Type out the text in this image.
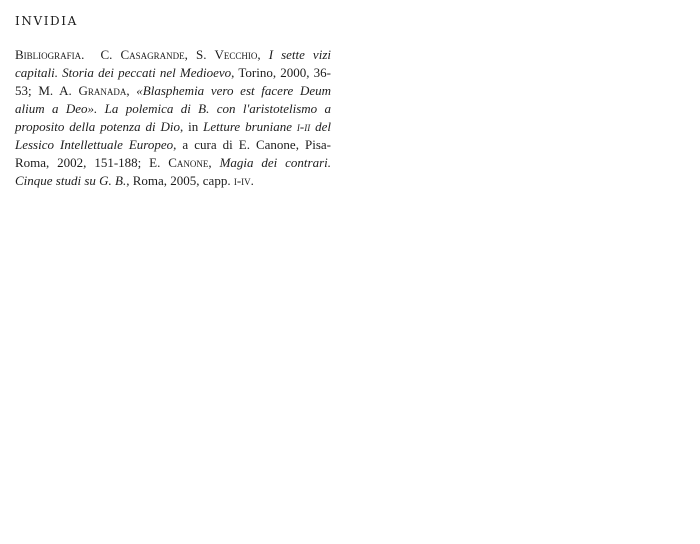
INVIDIA

Bibliografia. C. Casagrande, S. Vecchio, I sette vizi capitali. Storia dei peccati nel Medioevo, Torino, 2000, 36-53; M. A. Granada, «Blasphemia vero est facere Deum alium a Deo». La polemica di B. con l'aristotelismo a proposito della potenza di Dio, in Letture bruniane i-ii del Lessico Intellettuale Europeo, a cura di E. Canone, Pisa-Roma, 2002, 151-188; E. Canone, Magia dei contrari. Cinque studi su G. B., Roma, 2005, capp. i-iv.
